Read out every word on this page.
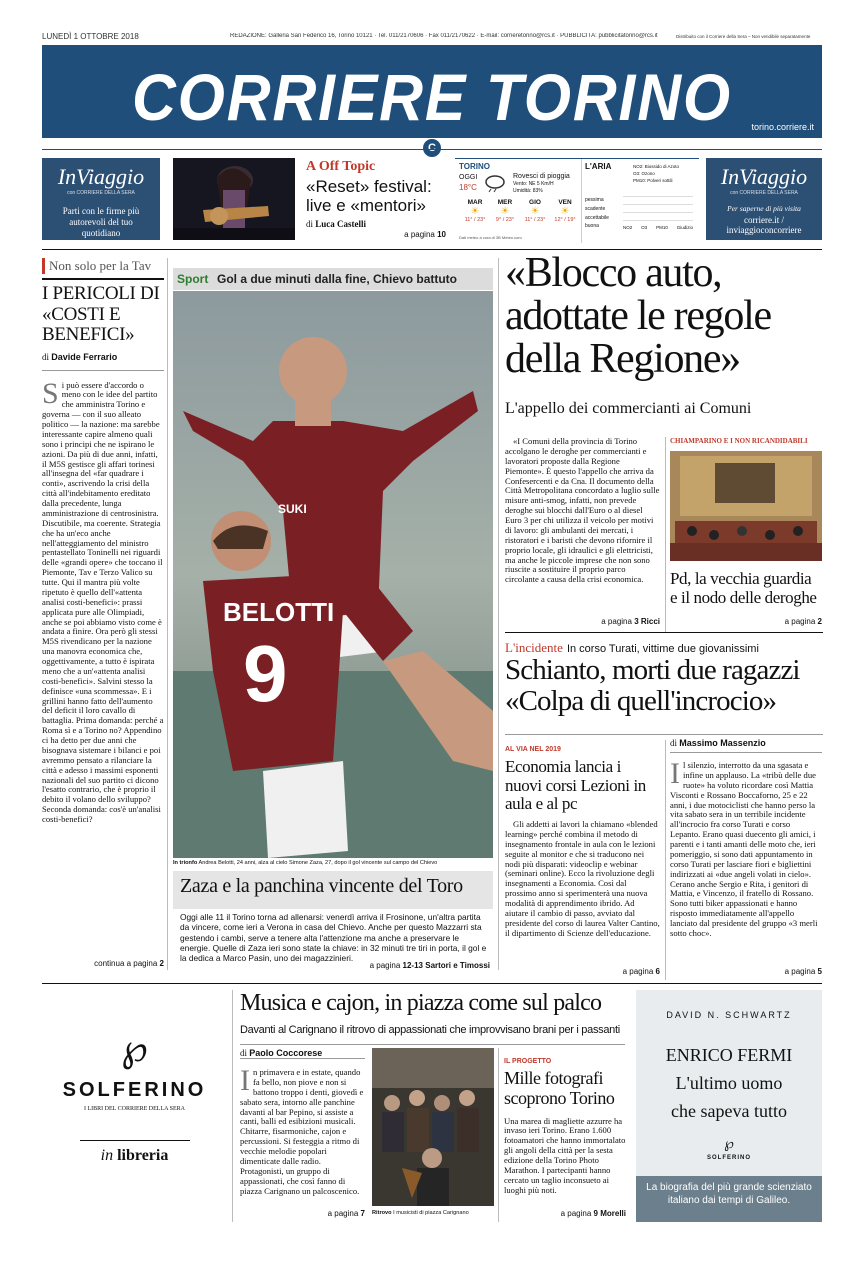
LUNEDÌ 1 OTTOBRE 2018	REDAZIONE: Galleria San Federico 16, Torino 10121 · Tel. 011/2170606 · Fax 011/2170622 · E-mail: corrieretorino@rcs.it · PUBBLICITÀ: pubblicitatorino@rcs.it	Distribuito con il Corriere della Sera – Non vendibile separatamente
CORRIERE TORINO	torino.corriere.it
C
InViaggio
con CORRIERE DELLA SERA
Parti con le firme più autorevoli del tuo quotidiano
A Off Topic
«Reset» festival: live e «mentori»
di Luca Castelli
a pagina 10
TORINO
OGGI
18°C
Rovesci di pioggia
Vento: NE 5 Km/H
Umidità: 83%
MAR
☀
11° / 23°
MER
☀
9° / 23°
GIO
☀
11° / 23°
VEN
☀
12° / 19°
Dati meteo a cura di 3B Meteo.com
L'ARIA	NO2: Biossido di Azoto
O3: Ozono
PM10: Polveri sottili
pessima
scadente
accettabile
buona	NO2 O3 PM10 Giudizio
InViaggio
con CORRIERE DELLA SERA
Per saperne di più visita
corriere.it / inviaggioconcorriere
Non solo per la Tav
I PERICOLI DI «COSTI E BENEFICI»
di Davide Ferrario
Si può essere d'accordo o meno con le idee del partito che amministra Torino e governa — con il suo alleato politico — la nazione: ma sarebbe interessante capire almeno quali sono i principi che ne ispirano le azioni. Da più di due anni, infatti, il M5S gestisce gli affari torinesi all'insegna del «far quadrare i conti», ascrivendo la crisi della città all'indebitamento ereditato dalla precedente, lunga amministrazione di centrosinistra. Discutibile, ma coerente. Strategia che ha un'eco anche nell'atteggiamento del ministro pentastellato Toninelli nei riguardi delle «grandi opere» che toccano il Piemonte, Tav e Terzo Valico su tutte. Qui il mantra più volte ripetuto è quello dell'«attenta analisi costi-benefici»: prassi applicata pure alle Olimpiadi, anche se poi abbiamo visto come è andata a finire. Ora però gli stessi M5S rivendicano per la nazione una manovra economica che, oggettivamente, a tutto è ispirata meno che a un'«attenta analisi costi-benefici». Salvini stesso la definisce «una scommessa». E i grillini hanno fatto dell'aumento del deficit il loro cavallo di battaglia. Prima domanda: perché a Roma sì e a Torino no? Appendino ci ha detto per due anni che bisognava sistemare i bilanci e poi avremmo pensato a rilanciare la città e adesso i massimi esponenti nazionali del suo partito ci dicono l'esatto contrario, che è proprio il debito il volano dello sviluppo? Seconda domanda: cos'è un'analisi costi-benefici?
continua a pagina 2
Sport Gol a due minuti dalla fine, Chievo battuto
BELOTTI
9
SUKI
In trionfo Andrea Belotti, 24 anni, alza al cielo Simone Zaza, 27, dopo il gol vincente sul campo del Chievo
Zaza e la panchina vincente del Toro
Oggi alle 11 il Torino torna ad allenarsi: venerdì arriva il Frosinone, un'altra partita da vincere, come ieri a Verona in casa del Chievo. Anche per questo Mazzarri sta gestendo i cambi, serve a tenere alta l'attenzione ma anche a preservare le energie. Quelle di Zaza ieri sono state la chiave: in 32 minuti tre tiri in porta, il gol e la dedica a Marco Pasin, uno dei magazzinieri.
a pagina 12-13 Sartori e Timossi
«Blocco auto, adottate le regole della Regione»
L'appello dei commercianti ai Comuni
«I Comuni della provincia di Torino accolgano le deroghe per commercianti e lavoratori proposte dalla Regione Piemonte». È questo l'appello che arriva da Confesercenti e da Cna. Il documento della Città Metropolitana concordato a luglio sulle misure anti-smog, infatti, non prevede deroghe sui blocchi dall'Euro o al diesel Euro 3 per chi utilizza il veicolo per motivi di lavoro: gli ambulanti dei mercati, i ristoratori e i baristi che devono rifornire il proprio locale, gli idraulici e gli elettricisti, ma anche le piccole imprese che non sono riuscite a sostituire il proprio parco circolante a causa della crisi economica.
a pagina 3 Ricci
CHIAMPARINO E I NON RICANDIDABILI
Pd, la vecchia guardia e il nodo delle deroghe
a pagina 2
L'incidente In corso Turati, vittime due giovanissimi
Schianto, morti due ragazzi «Colpa di quell'incrocio»
AL VIA NEL 2019
Economia lancia i nuovi corsi Lezioni in aula e al pc
Gli addetti ai lavori la chiamano «blended learning» perché combina il metodo di insegnamento frontale in aula con le lezioni seguite al monitor e che si traducono nei nodi più disparati: videoclip e webinar (seminari online). Ecco la rivoluzione degli insegnamenti a Economia. Così dal prossimo anno si sperimenterà una nuova modalità di apprendimento ibrido. Ad aiutare il cambio di passo, avviato dal presidente del corso di laurea Valter Cantino, il dipartimento di Scienze dell'educazione.
a pagina 6
di Massimo Massenzio
Il silenzio, interrotto da una sgasata e infine un applauso. La «tribù delle due ruote» ha voluto ricordare così Mattia Visconti e Rossano Boccaforno, 25 e 22 anni, i due motociclisti che hanno perso la vita sabato sera in un terribile incidente all'incrocio fra corso Turati e corso Lepanto. Erano quasi duecento gli amici, i parenti e i tanti amanti delle moto che, ieri pomeriggio, si sono dati appuntamento in corso Turati per lasciare fiori e bigliettini indirizzati ai «due angeli volati in cielo». Cerano anche Sergio e Rita, i genitori di Mattia, e Vincenzo, il fratello di Rossano. Sono tutti biker appassionati e hanno risposto immediatamente all'appello lanciato dal presidente del gruppo «3 merli sotto choc».
a pagina 5
℘
SOLFERINO
I LIBRI DEL CORRIERE DELLA SERA
in libreria
Musica e cajon, in piazza come sul palco
Davanti al Carignano il ritrovo di appassionati che improvvisano brani per i passanti
di Paolo Coccorese
In primavera e in estate, quando fa bello, non piove e non si battono troppo i denti, giovedì e sabato sera, intorno alle panchine davanti al bar Pepino, si assiste a canti, balli ed esibizioni musicali. Chitarre, fisarmoniche, cajon e percussioni. Si festeggia a ritmo di vecchie melodie popolari dimenticate dalle radio. Protagonisti, un gruppo di appassionati, che così fanno di piazza Carignano un palcoscenico.
a pagina 7 Ritrovo I musicisti di piazza Carignano
IL PROGETTO
Mille fotografi scoprono Torino
Una marea di magliette azzurre ha invaso ieri Torino. Erano 1.600 fotoamatori che hanno immortalato gli angoli della città per la sesta edizione della Torino Photo Marathon. I partecipanti hanno cercato un taglio inconsueto ai luoghi più noti.
a pagina 9 Morelli
DAVID N. SCHWARTZ
ENRICO FERMI
L'ultimo uomo
che sapeva tutto
℘
SOLFERINO
La biografia del più grande scienziato italiano dai tempi di Galileo.
